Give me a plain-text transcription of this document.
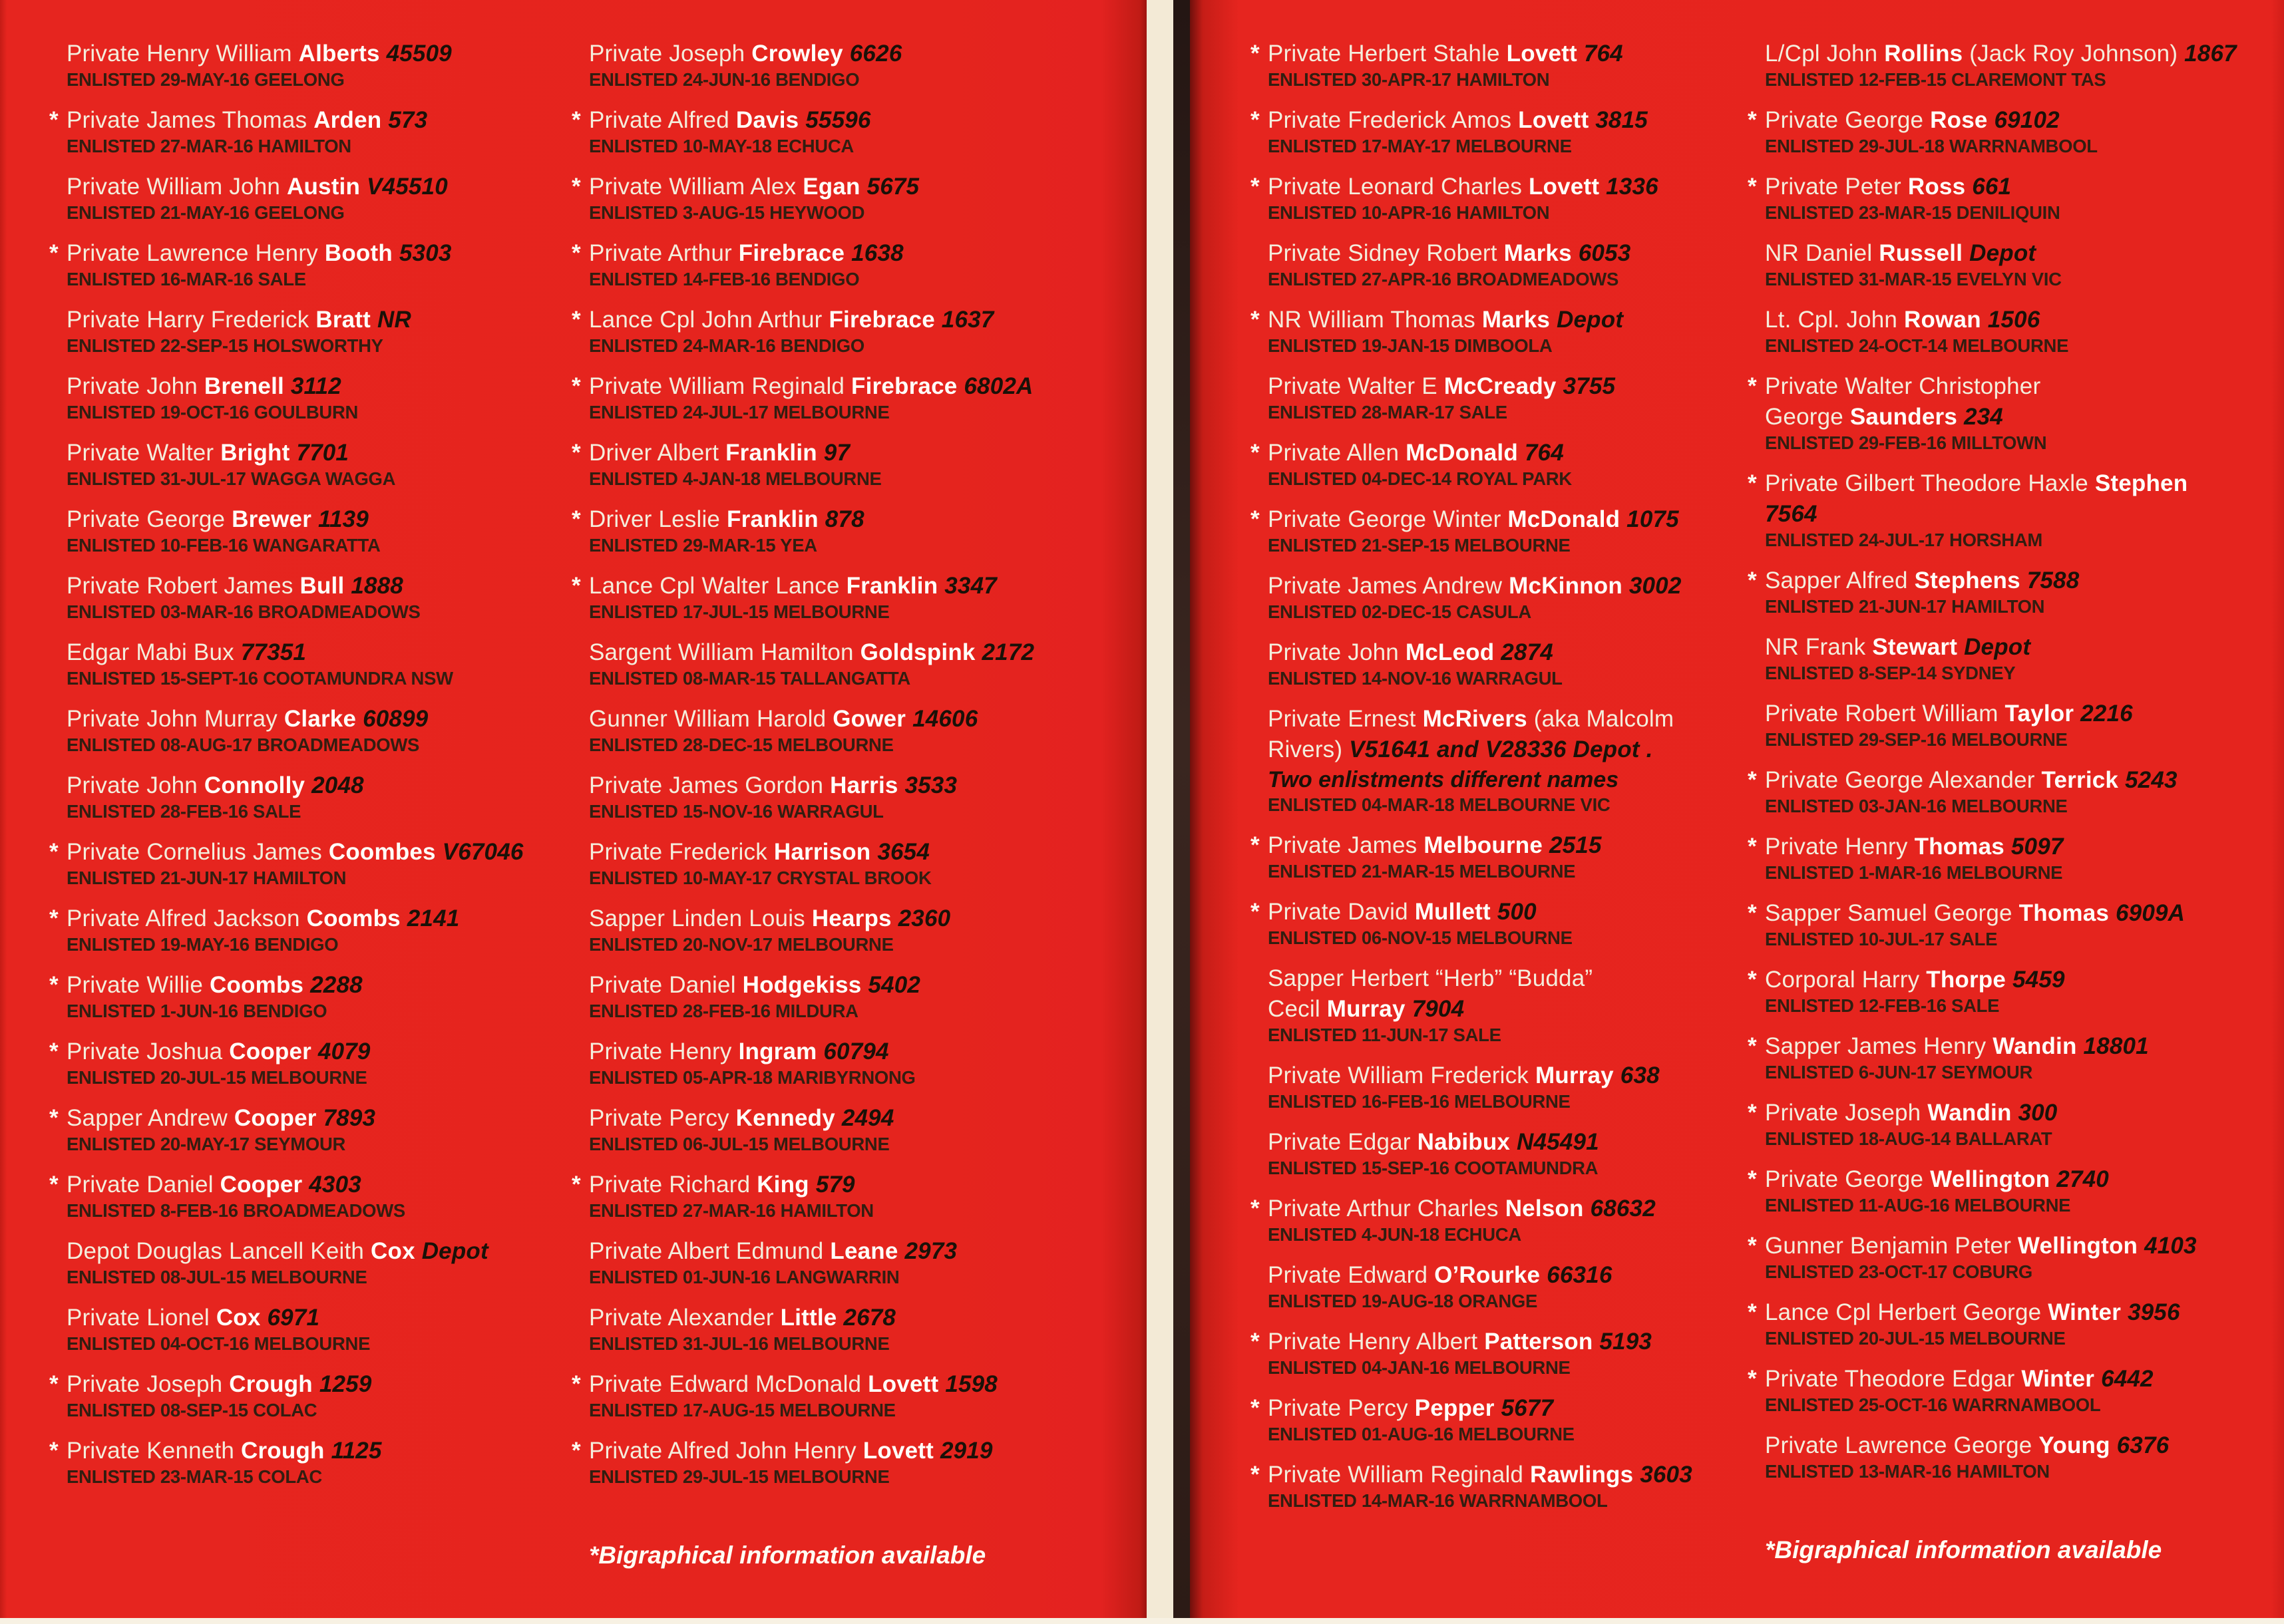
Private Henry William Alberts 45509
ENLISTED 29-MAY-16 GEELONG
* Private James Thomas Arden 573
ENLISTED 27-MAR-16 HAMILTON
Private William John Austin V45510
ENLISTED 21-MAY-16 GEELONG
* Private Lawrence Henry Booth 5303
ENLISTED 16-MAR-16 SALE
Private Harry Frederick Bratt NR
ENLISTED 22-SEP-15 HOLSWORTHY
Private John Brenell 3112
ENLISTED 19-OCT-16 GOULBURN
Private Walter Bright 7701
ENLISTED 31-JUL-17 WAGGA WAGGA
Private George Brewer 1139
ENLISTED 10-FEB-16 WANGARATTA
Private Robert James Bull 1888
ENLISTED 03-MAR-16 BROADMEADOWS
Edgar Mabi Bux 77351
ENLISTED 15-SEPT-16 COOTAMUNDRA NSW
Private John Murray Clarke 60899
ENLISTED 08-AUG-17 BROADMEADOWS
Private John Connolly 2048
ENLISTED 28-FEB-16 SALE
* Private Cornelius James Coombes V67046
ENLISTED 21-JUN-17 HAMILTON
* Private Alfred Jackson Coombs 2141
ENLISTED 19-MAY-16 BENDIGO
* Private Willie Coombs 2288
ENLISTED 1-JUN-16 BENDIGO
* Private Joshua Cooper 4079
ENLISTED 20-JUL-15 MELBOURNE
* Sapper Andrew Cooper 7893
ENLISTED 20-MAY-17 SEYMOUR
* Private Daniel Cooper 4303
ENLISTED 8-FEB-16 BROADMEADOWS
Depot Douglas Lancell Keith Cox Depot
ENLISTED 08-JUL-15 MELBOURNE
Private Lionel Cox 6971
ENLISTED 04-OCT-16 MELBOURNE
* Private Joseph Crough 1259
ENLISTED 08-SEP-15 COLAC
* Private Kenneth Crough 1125
ENLISTED 23-MAR-15 COLAC
Private Joseph Crowley 6626
ENLISTED 24-JUN-16 BENDIGO
* Private Alfred Davis 55596
ENLISTED 10-MAY-18 ECHUCA
* Private William Alex Egan 5675
ENLISTED 3-AUG-15 HEYWOOD
* Private Arthur Firebrace 1638
ENLISTED 14-FEB-16 BENDIGO
* Lance Cpl John Arthur Firebrace 1637
ENLISTED 24-MAR-16 BENDIGO
* Private William Reginald Firebrace 6802A
ENLISTED 24-JUL-17 MELBOURNE
* Driver Albert Franklin 97
ENLISTED 4-JAN-18 MELBOURNE
* Driver Leslie Franklin 878
ENLISTED 29-MAR-15 YEA
* Lance Cpl Walter Lance Franklin 3347
ENLISTED 17-JUL-15 MELBOURNE
Sargent William Hamilton Goldspink 2172
ENLISTED 08-MAR-15 TALLANGATTA
Gunner William Harold Gower 14606
ENLISTED 28-DEC-15 MELBOURNE
Private James Gordon Harris 3533
ENLISTED 15-NOV-16 WARRAGUL
Private Frederick Harrison 3654
ENLISTED 10-MAY-17 CRYSTAL BROOK
Sapper Linden Louis Hearps 2360
ENLISTED 20-NOV-17 MELBOURNE
Private Daniel Hodgekiss 5402
ENLISTED 28-FEB-16 MILDURA
Private Henry Ingram 60794
ENLISTED 05-APR-18 MARIBYRNONG
Private Percy Kennedy 2494
ENLISTED 06-JUL-15 MELBOURNE
* Private Richard King 579
ENLISTED 27-MAR-16 HAMILTON
Private Albert Edmund Leane 2973
ENLISTED 01-JUN-16 LANGWARRIN
Private Alexander Little 2678
ENLISTED 31-JUL-16 MELBOURNE
* Private Edward McDonald Lovett 1598
ENLISTED 17-AUG-15 MELBOURNE
* Private Alfred John Henry Lovett 2919
ENLISTED 29-JUL-15 MELBOURNE
*Bigraphical information available
* Private Herbert Stahle Lovett 764
ENLISTED 30-APR-17 HAMILTON
* Private Frederick Amos Lovett 3815
ENLISTED 17-MAY-17 MELBOURNE
* Private Leonard Charles Lovett 1336
ENLISTED 10-APR-16 HAMILTON
Private Sidney Robert Marks 6053
ENLISTED 27-APR-16 BROADMEADOWS
* NR William Thomas Marks Depot
ENLISTED 19-JAN-15 DIMBOOLA
Private Walter E McCready 3755
ENLISTED 28-MAR-17 SALE
* Private Allen McDonald 764
ENLISTED 04-DEC-14 ROYAL PARK
* Private George Winter McDonald 1075
ENLISTED 21-SEP-15 MELBOURNE
Private James Andrew McKinnon 3002
ENLISTED 02-DEC-15 CASULA
Private John McLeod 2874
ENLISTED 14-NOV-16 WARRAGUL
Private Ernest McRivers (aka Malcolm
Rivers) V51641 and V28336 Depot .
Two enlistments different names
ENLISTED 04-MAR-18 MELBOURNE VIC
* Private James Melbourne 2515
ENLISTED 21-MAR-15 MELBOURNE
* Private David Mullett 500
ENLISTED 06-NOV-15 MELBOURNE
Sapper Herbert “Herb” “Budda”
Cecil Murray 7904
ENLISTED 11-JUN-17 SALE
Private William Frederick Murray 638
ENLISTED 16-FEB-16 MELBOURNE
Private Edgar Nabibux N45491
ENLISTED 15-SEP-16 COOTAMUNDRA
* Private Arthur Charles Nelson 68632
ENLISTED 4-JUN-18 ECHUCA
Private Edward O’Rourke 66316
ENLISTED 19-AUG-18 ORANGE
* Private Henry Albert Patterson 5193
ENLISTED 04-JAN-16 MELBOURNE
* Private Percy Pepper 5677
ENLISTED 01-AUG-16 MELBOURNE
* Private William Reginald Rawlings 3603
ENLISTED 14-MAR-16 WARRNAMBOOL
L/Cpl John Rollins (Jack Roy Johnson) 1867
ENLISTED 12-FEB-15 CLAREMONT TAS
* Private George Rose 69102
ENLISTED 29-JUL-18 WARRNAMBOOL
* Private Peter Ross 661
ENLISTED 23-MAR-15 DENILIQUIN
NR Daniel Russell Depot
ENLISTED 31-MAR-15 EVELYN VIC
Lt. Cpl. John Rowan 1506
ENLISTED 24-OCT-14 MELBOURNE
* Private Walter Christopher
George Saunders 234
ENLISTED 29-FEB-16 MILLTOWN
* Private Gilbert Theodore Haxle Stephen
7564
ENLISTED 24-JUL-17 HORSHAM
* Sapper Alfred Stephens 7588
ENLISTED 21-JUN-17 HAMILTON
NR Frank Stewart Depot
ENLISTED 8-SEP-14 SYDNEY
Private Robert William Taylor 2216
ENLISTED 29-SEP-16 MELBOURNE
* Private George Alexander Terrick 5243
ENLISTED 03-JAN-16 MELBOURNE
* Private Henry Thomas 5097
ENLISTED 1-MAR-16 MELBOURNE
* Sapper Samuel George Thomas 6909A
ENLISTED 10-JUL-17 SALE
* Corporal Harry Thorpe 5459
ENLISTED 12-FEB-16 SALE
* Sapper James Henry Wandin 18801
ENLISTED 6-JUN-17 SEYMOUR
* Private Joseph Wandin 300
ENLISTED 18-AUG-14 BALLARAT
* Private George Wellington 2740
ENLISTED 11-AUG-16 MELBOURNE
* Gunner Benjamin Peter Wellington 4103
ENLISTED 23-OCT-17 COBURG
* Lance Cpl Herbert George Winter 3956
ENLISTED 20-JUL-15 MELBOURNE
* Private Theodore Edgar Winter 6442
ENLISTED 25-OCT-16 WARRNAMBOOL
Private Lawrence George Young 6376
ENLISTED 13-MAR-16 HAMILTON
*Bigraphical information available
